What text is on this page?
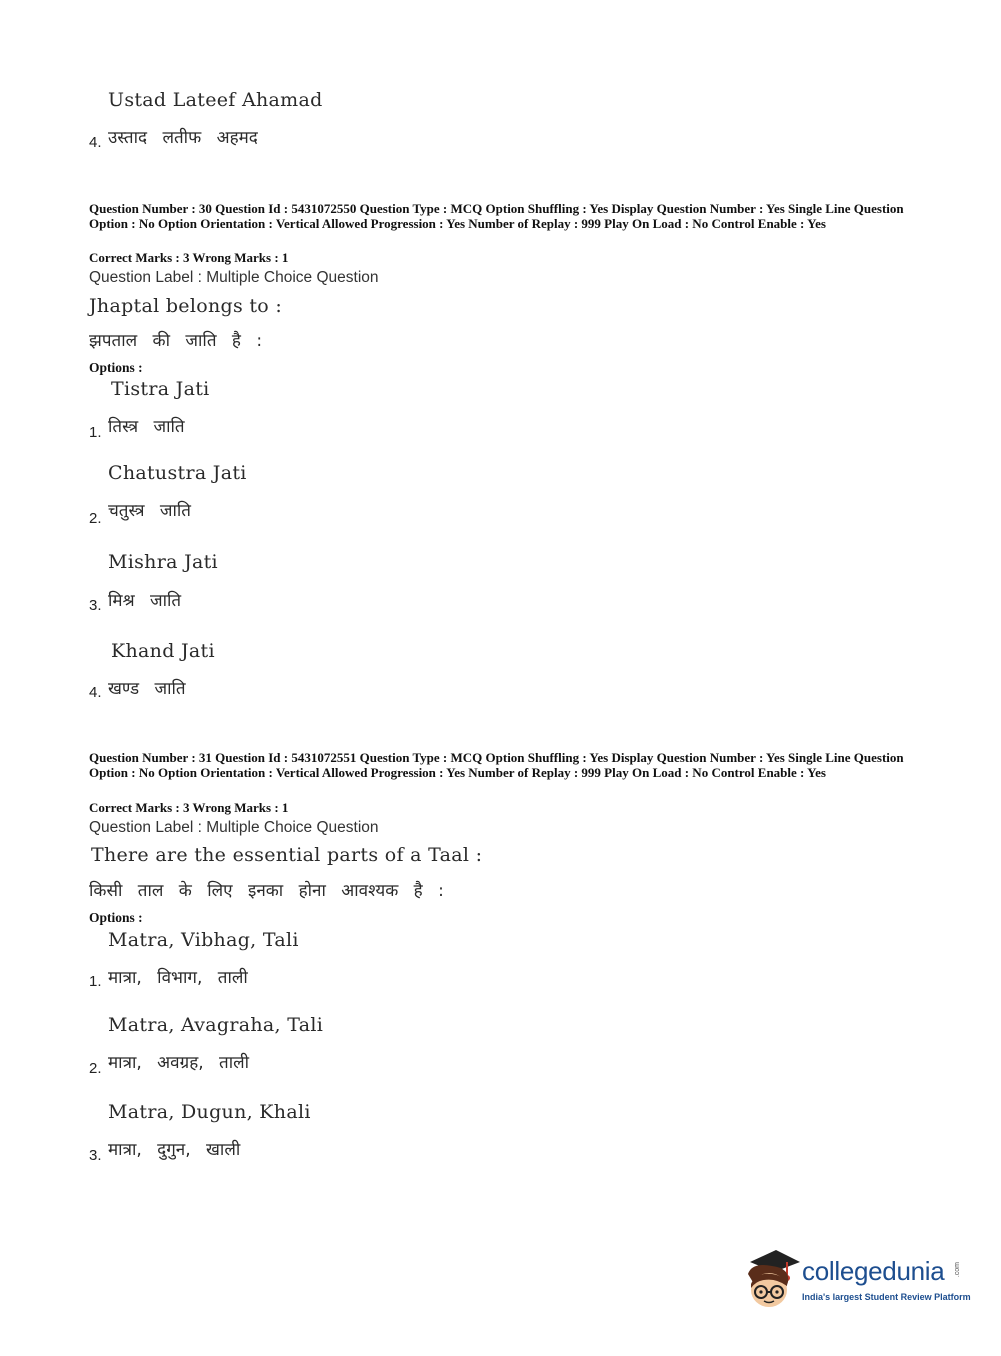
Ustad Lateef Ahamad
4. उस्ताद लतीफ अहमद
Question Number : 30 Question Id : 5431072550 Question Type : MCQ Option Shuffling : Yes Display Question Number : Yes Single Line Question Option : No Option Orientation : Vertical Allowed Progression : Yes Number of Replay : 999 Play On Load : No Control Enable : Yes
Correct Marks : 3 Wrong Marks : 1
Question Label : Multiple Choice Question
Jhaptal belongs to :
झपताल की जाति है :
Options :
Tistra Jati
1. तिस्त्र जाति
Chatustra Jati
2. चतुस्त्र जाति
Mishra Jati
3. मिश्र जाति
Khand Jati
4. खण्ड जाति
Question Number : 31 Question Id : 5431072551 Question Type : MCQ Option Shuffling : Yes Display Question Number : Yes Single Line Question Option : No Option Orientation : Vertical Allowed Progression : Yes Number of Replay : 999 Play On Load : No Control Enable : Yes
Correct Marks : 3 Wrong Marks : 1
Question Label : Multiple Choice Question
There are the essential parts of a Taal :
किसी ताल के लिए इनका होना आवश्यक है :
Options :
Matra, Vibhag, Tali
1. मात्रा, विभाग, ताली
Matra, Avagraha, Tali
2. मात्रा, अवग्रह, ताली
Matra, Dugun, Khali
3. मात्रा, दुगुन, खाली
collegedunia .com
India's largest Student Review Platform
